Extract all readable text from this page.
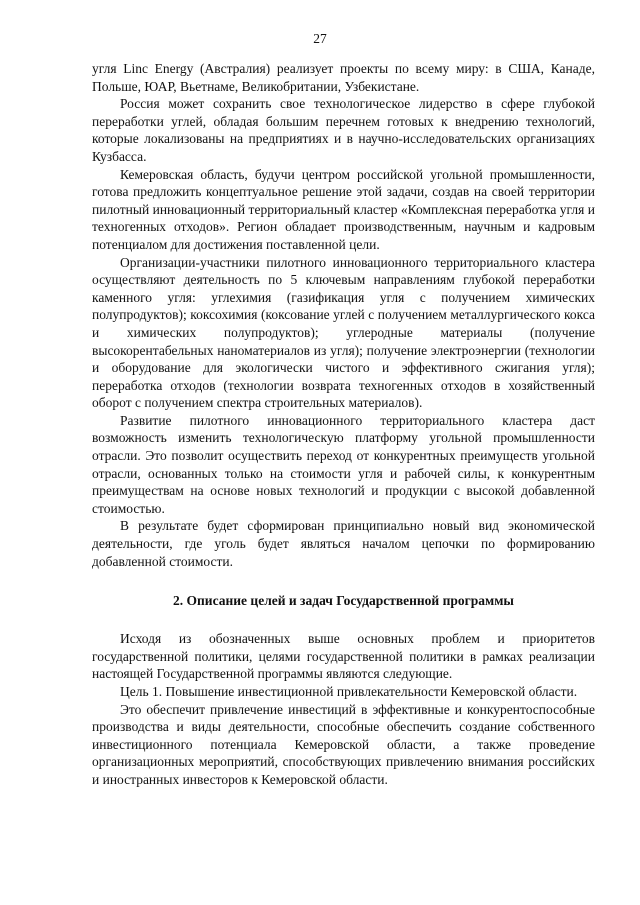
27

угля Linc Energy (Австралия) реализует проекты по всему миру: в США, Канаде, Польше, ЮАР, Вьетнаме, Великобритании, Узбекистане.

Россия может сохранить свое технологическое лидерство в сфере глубокой переработки углей, обладая большим перечнем готовых к внедрению технологий, которые локализованы на предприятиях и в научно-исследовательских организациях Кузбасса.

Кемеровская область, будучи центром российской угольной промышленности, готова предложить концептуальное решение этой задачи, создав на своей территории пилотный инновационный территориальный кластер «Комплексная переработка угля и техногенных отходов». Регион обладает производственным, научным и кадровым потенциалом для достижения поставленной цели.

Организации-участники пилотного инновационного территориального кластера осуществляют деятельность по 5 ключевым направлениям глубокой переработки каменного угля: углехимия (газификация угля с получением химических полупродуктов); коксохимия (коксование углей с получением металлургического кокса и химических полупродуктов); углеродные материалы (получение высокорентабельных наноматериалов из угля); получение электроэнергии (технологии и оборудование для экологически чистого и эффективного сжигания угля); переработка отходов (технологии возврата техногенных отходов в хозяйственный оборот с получением спектра строительных материалов).

Развитие пилотного инновационного территориального кластера даст возможность изменить технологическую платформу угольной промышленности отрасли. Это позволит осуществить переход от конкурентных преимуществ угольной отрасли, основанных только на стоимости угля и рабочей силы, к конкурентным преимуществам на основе новых технологий и продукции с высокой добавленной стоимостью.

В результате будет сформирован принципиально новый вид экономической деятельности, где уголь будет являться началом цепочки по формированию добавленной стоимости.

2. Описание целей и задач Государственной программы

Исходя из обозначенных выше основных проблем и приоритетов государственной политики, целями государственной политики в рамках реализации настоящей Государственной программы являются следующие.

Цель 1. Повышение инвестиционной привлекательности Кемеровской области.

Это обеспечит привлечение инвестиций в эффективные и конкурентоспособные производства и виды деятельности, способные обеспечить создание собственного инвестиционного потенциала Кемеровской области, а также проведение организационных мероприятий, способствующих привлечению внимания российских и иностранных инвесторов к Кемеровской области.
